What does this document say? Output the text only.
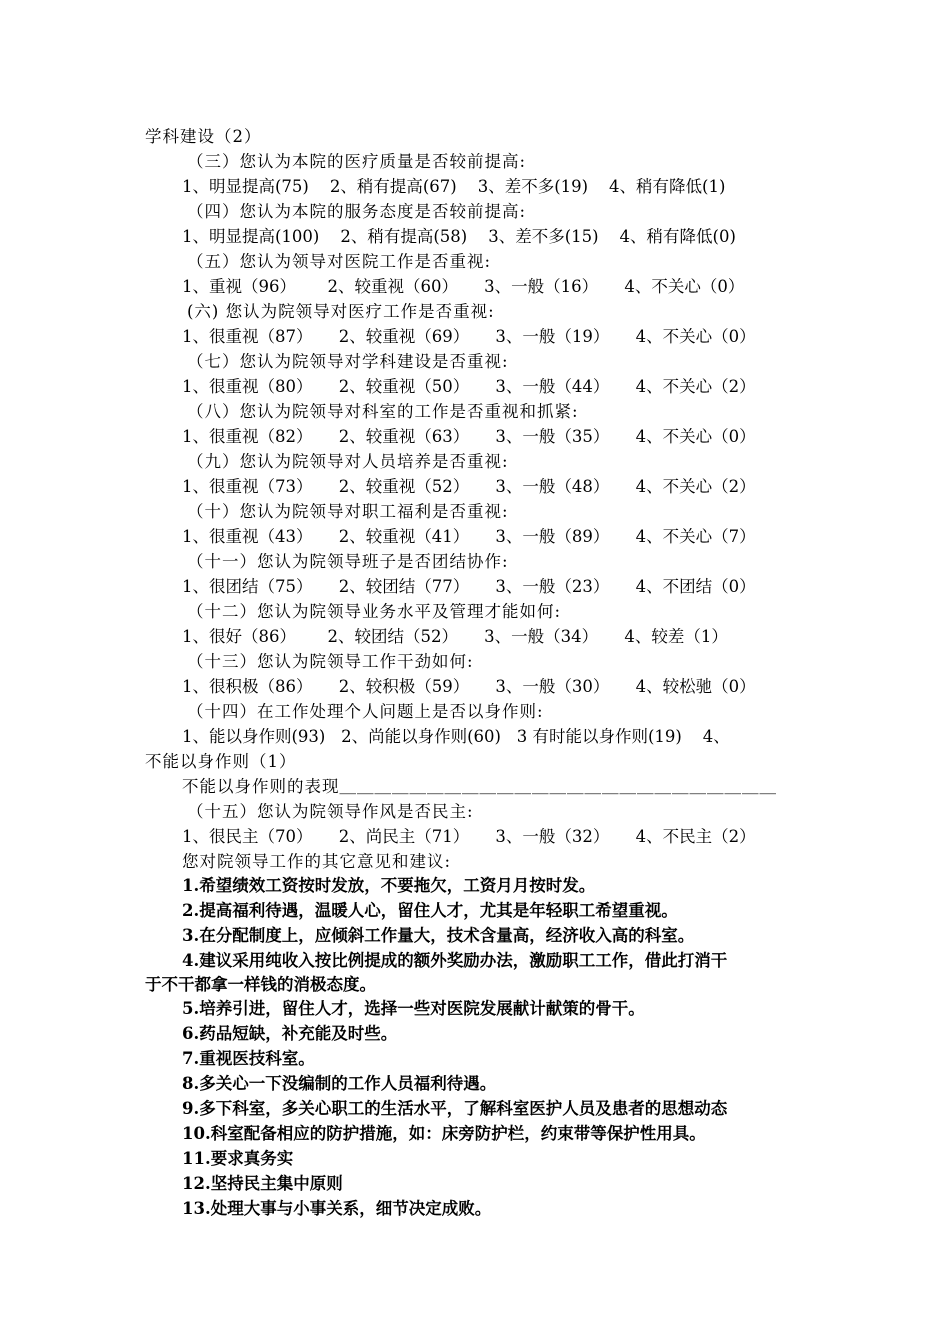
学科建设（2）
（三）您认为本院的医疗质量是否较前提高:
1、明显提高(75)    2、稍有提高(67)    3、差不多(19)    4、稍有降低(1)
（四）您认为本院的服务态度是否较前提高:
1、明显提高(100)    2、稍有提高(58)    3、差不多(15)    4、稍有降低(0)
（五）您认为领导对医院工作是否重视:
1、重视（96）      2、较重视（60）     3、一般（16）     4、不关心（0）
(六) 您认为院领导对医疗工作是否重视:
1、很重视（87）     2、较重视（69）     3、一般（19）     4、不关心（0）
（七）您认为院领导对学科建设是否重视:
1、很重视（80）     2、较重视（50）     3、一般（44）     4、不关心（2）
（八）您认为院领导对科室的工作是否重视和抓紧:
1、很重视（82）     2、较重视（63）     3、一般（35）     4、不关心（0）
（九）您认为院领导对人员培养是否重视:
1、很重视（73）     2、较重视（52）     3、一般（48）     4、不关心（2）
（十）您认为院领导对职工福利是否重视:
1、很重视（43）     2、较重视（41）     3、一般（89）     4、不关心（7）
（十一）您认为院领导班子是否团结协作:
1、很团结（75）     2、较团结（77）     3、一般（23）     4、不团结（0）
（十二）您认为院领导业务水平及管理才能如何:
1、很好（86）      2、较团结（52）     3、一般（34）     4、较差（1）
（十三）您认为院领导工作干劲如何:
1、很积极（86）     2、较积极（59）     3、一般（30）     4、较松驰（0）
（十四）在工作处理个人问题上是否以身作则:
1、能以身作则(93)   2、尚能以身作则(60)   3 有时能以身作则(19)    4、
不能以身作则（1）
不能以身作则的表现＿＿＿＿＿＿＿＿＿＿＿＿＿＿＿＿＿＿＿＿＿＿＿＿＿
（十五）您认为院领导作风是否民主:
1、很民主（70）     2、尚民主（71）     3、一般（32）     4、不民主（2）
您对院领导工作的其它意见和建议:
1.希望绩效工资按时发放，不要拖欠，工资月月按时发。
2.提高福利待遇，温暖人心，留住人才，尤其是年轻职工希望重视。
3.在分配制度上，应倾斜工作量大，技术含量高，经济收入高的科室。
4.建议采用纯收入按比例提成的额外奖励办法，激励职工工作，借此打消干
于不干都拿一样钱的消极态度。
5.培养引进，留住人才，选择一些对医院发展献计献策的骨干。
6.药品短缺，补充能及时些。
7.重视医技科室。
8.多关心一下没编制的工作人员福利待遇。
9.多下科室，多关心职工的生活水平，了解科室医护人员及患者的思想动态
10.科室配备相应的防护措施，如：床旁防护栏，约束带等保护性用具。
11.要求真务实
12.坚持民主集中原则
13.处理大事与小事关系，细节决定成败。
